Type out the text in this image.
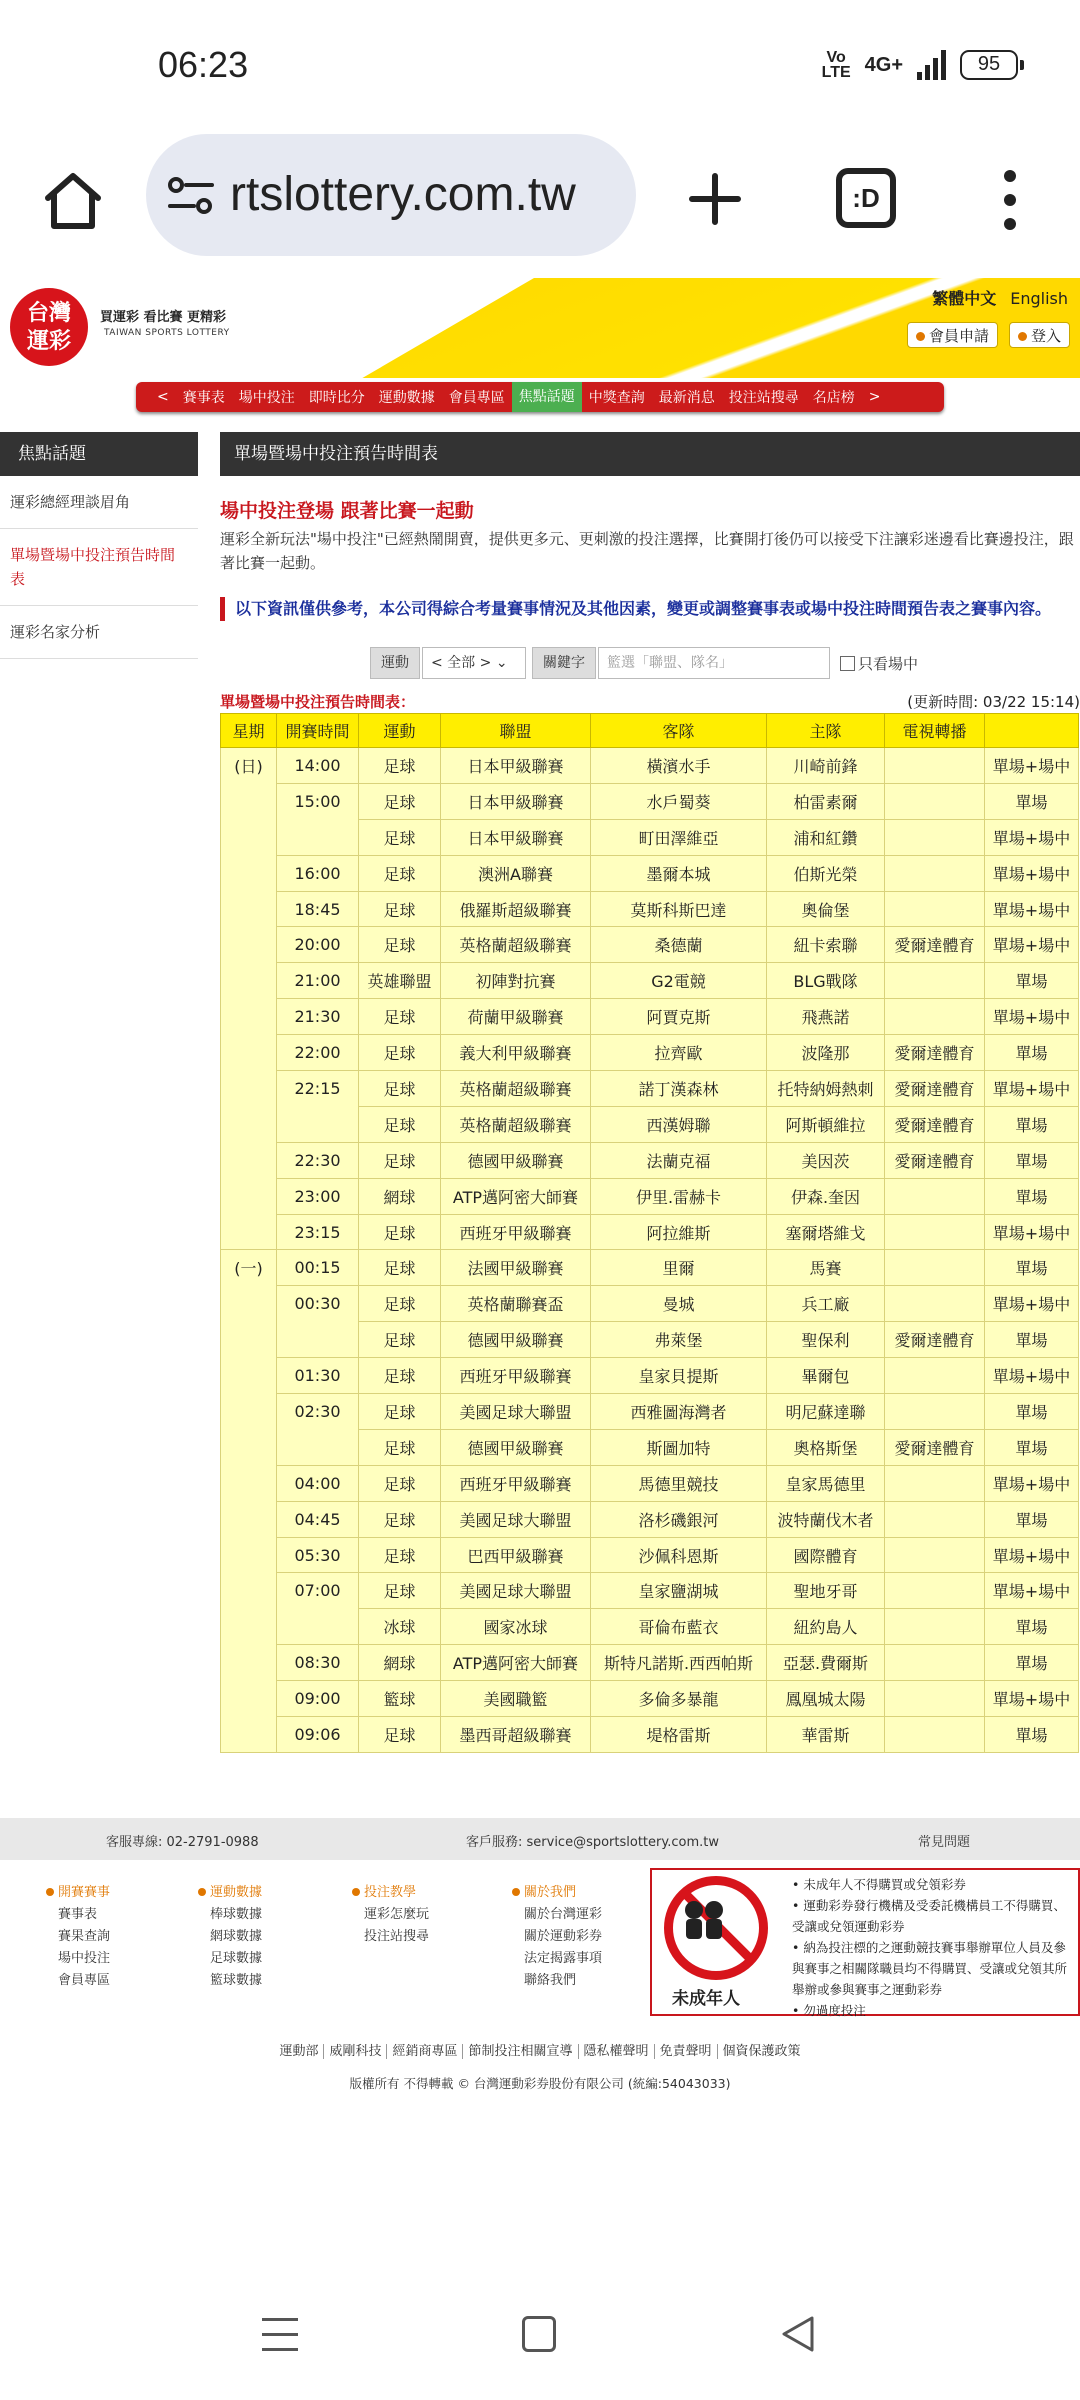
06:23	Vo
LTE 4G+	95
rtslottery.com.tw	:D
台灣
運彩
買運彩 看比賽 更精彩
TAIWAN SPORTS LOTTERY
繁體中文 English
會員申請	登入
<	賽事表	場中投注	即時比分	運動數據	會員專區	焦點話題	中獎查詢	最新消息	投注站搜尋	名店榜	>
焦點話題
運彩總經理談眉角
單場暨場中投注預告時間表
運彩名家分析
單場暨場中投注預告時間表
場中投注登場 跟著比賽一起動
運彩全新玩法"場中投注"已經熱鬧開賣，提供更多元、更刺激的投注選擇，比賽開打後仍可以接受下注讓彩迷邊看比賽邊投注，跟著比賽一起動。
以下資訊僅供參考，本公司得綜合考量賽事情況及其他因素，變更或調整賽事表或場中投注時間預告表之賽事內容。
運動	< 全部 > ⌄	關鍵字	籃選「聯盟、隊名」	只看場中
單場暨場中投注預告時間表：	(更新時間: 03/22 15:14)
星期	開賽時間	運動	聯盟	客隊	主隊	電視轉播	
(日)	14:00	足球	日本甲級聯賽	橫濱水手	川崎前鋒		單場+場中
	15:00	足球	日本甲級聯賽	水戶蜀葵	柏雷素爾		單場
		足球	日本甲級聯賽	町田澤維亞	浦和紅鑽		單場+場中
	16:00	足球	澳洲A聯賽	墨爾本城	伯斯光榮		單場+場中
	18:45	足球	俄羅斯超級聯賽	莫斯科斯巴達	奧倫堡		單場+場中
	20:00	足球	英格蘭超級聯賽	桑德蘭	紐卡索聯	愛爾達體育	單場+場中
	21:00	英雄聯盟	初陣對抗賽	G2電競	BLG戰隊		單場
	21:30	足球	荷蘭甲級聯賽	阿賈克斯	飛燕諾		單場+場中
	22:00	足球	義大利甲級聯賽	拉齊歐	波隆那	愛爾達體育	單場
	22:15	足球	英格蘭超級聯賽	諾丁漢森林	托特納姆熱刺	愛爾達體育	單場+場中
		足球	英格蘭超級聯賽	西漢姆聯	阿斯頓維拉	愛爾達體育	單場
	22:30	足球	德國甲級聯賽	法蘭克福	美因茨	愛爾達體育	單場
	23:00	網球	ATP邁阿密大師賽	伊里.雷赫卡	伊森.奎因		單場
	23:15	足球	西班牙甲級聯賽	阿拉維斯	塞爾塔維戈		單場+場中
(一)	00:15	足球	法國甲級聯賽	里爾	馬賽		單場
	00:30	足球	英格蘭聯賽盃	曼城	兵工廠		單場+場中
		足球	德國甲級聯賽	弗萊堡	聖保利	愛爾達體育	單場
	01:30	足球	西班牙甲級聯賽	皇家貝提斯	畢爾包		單場+場中
	02:30	足球	美國足球大聯盟	西雅圖海灣者	明尼蘇達聯		單場
		足球	德國甲級聯賽	斯圖加特	奧格斯堡	愛爾達體育	單場
	04:00	足球	西班牙甲級聯賽	馬德里競技	皇家馬德里		單場+場中
	04:45	足球	美國足球大聯盟	洛杉磯銀河	波特蘭伐木者		單場
	05:30	足球	巴西甲級聯賽	沙佩科恩斯	國際體育		單場+場中
	07:00	足球	美國足球大聯盟	皇家鹽湖城	聖地牙哥		單場+場中
		冰球	國家冰球	哥倫布藍衣	紐約島人		單場
	08:30	網球	ATP邁阿密大師賽	斯特凡諾斯.西西帕斯	亞瑟.費爾斯		單場
	09:00	籃球	美國職籃	多倫多暴龍	鳳凰城太陽		單場+場中
	09:06	足球	墨西哥超級聯賽	堤格雷斯	華雷斯		單場
客服專線: 02-2791-0988	客戶服務: service@sportslottery.com.tw	常見問題
開賽賽事
賽事表
賽果查詢
場中投注
會員專區
運動數據
棒球數據
網球數據
足球數據
籃球數據
投注教學
運彩怎麼玩
投注站搜尋
關於我們
關於台灣運彩
關於運動彩券
法定揭露事項
聯絡我們
未成年人
• 未成年人不得購買或兌領彩券
• 運動彩券發行機構及受委託機構員工不得購買、受讓或兌領運動彩券
• 納為投注標的之運動競技賽事舉辦單位人員及參與賽事之相關隊職員均不得購買、受讓或兌領其所舉辦或參與賽事之運動彩券
• 勿過度投注
運動部 威剛科技 經銷商專區 節制投注相關宣導 隱私權聲明 免責聲明 個資保護政策
版權所有 不得轉載 © 台灣運動彩券股份有限公司 (統編:54043033)
